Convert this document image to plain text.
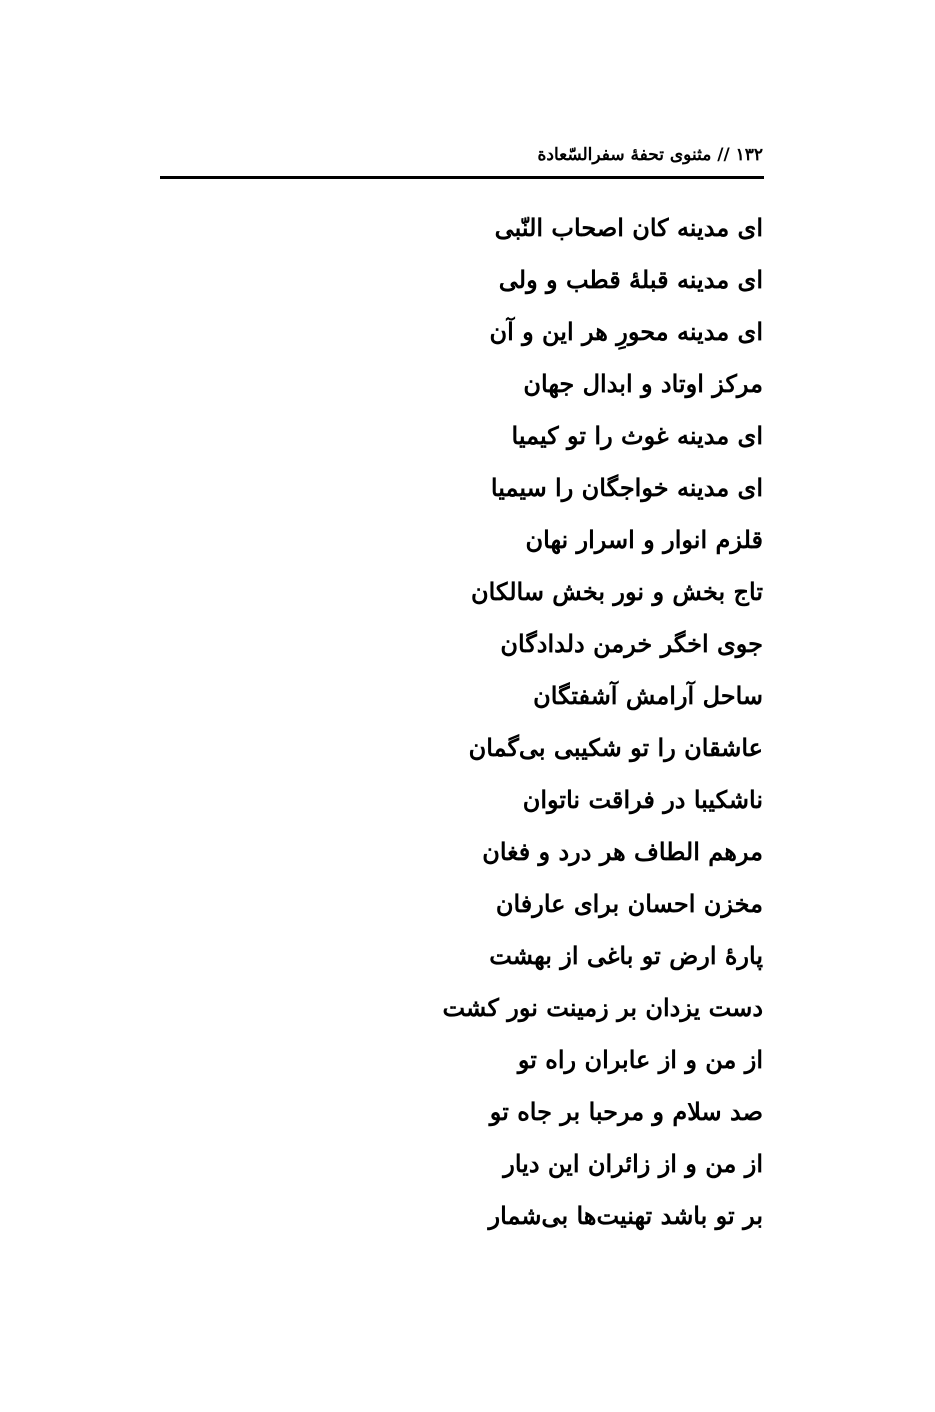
۱۳۲ // مثنوی تحفهٔ سفرالسّعادة
ای مدینه کان اصحاب النّبی
ای مدینه قبلهٔ قطب و ولی
ای مدینه محورِ هر این و آن
مرکز اوتاد و ابدال جهان
ای مدینه غوث را تو کیمیا
ای مدینه خواجگان را سیمیا
قلزم انوار و اسرار نهان
تاج بخش و نور بخش سالکان
جوی اخگر خرمن دلدادگان
ساحل آرامش آشفتگان
عاشقان را تو شکیبی بی‌گمان
ناشکیبا در فراقت ناتوان
مرهم الطاف هر درد و فغان
مخزن احسان برای عارفان
پارهٔ ارض تو باغی از بهشت
دست یزدان بر زمینت نور کشت
از من و از عابران راه تو
صد سلام و مرحبا بر جاه تو
از من و از زائران این دیار
بر تو باشد تهنیت‌ها بی‌شمار
